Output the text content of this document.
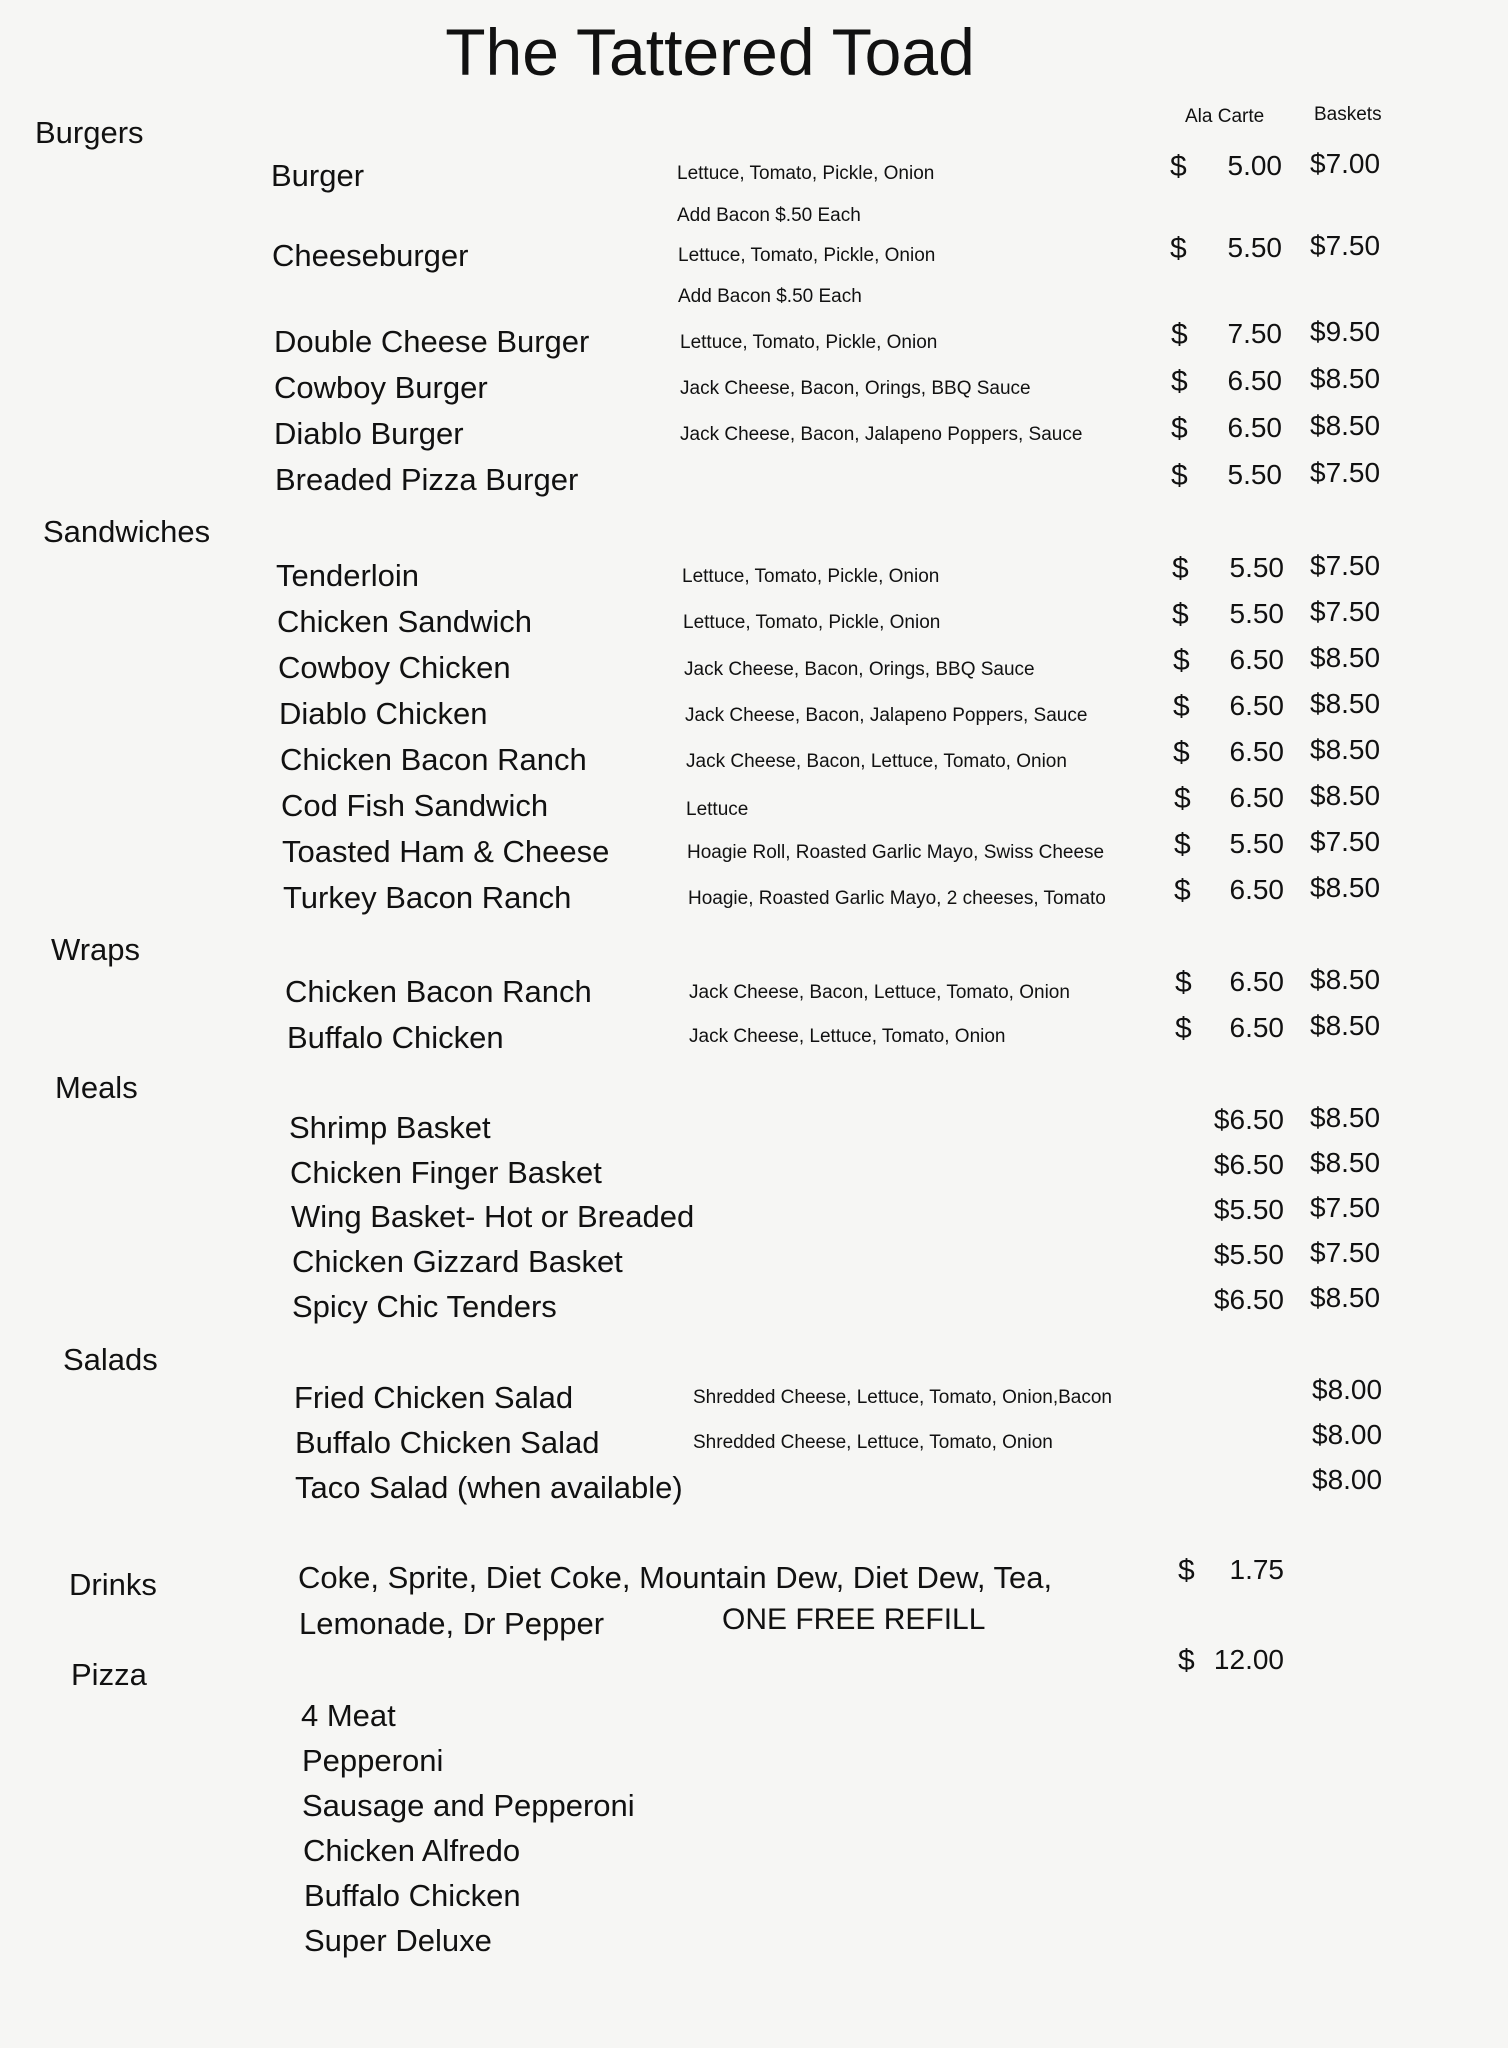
The Tattered Toad
Ala Carte	Baskets
Burgers
Burger	Lettuce, Tomato, Pickle, Onion
Add Bacon $.50 Each
$	5.00 $7.00
Cheeseburger	Lettuce, Tomato, Pickle, Onion
Add Bacon $.50 Each
$	5.50 $7.50
Double Cheese Burger	Lettuce, Tomato, Pickle, Onion	$	7.50 $9.50
Cowboy Burger	Jack Cheese, Bacon, Orings, BBQ Sauce	$	6.50 $8.50
Diablo Burger	Jack Cheese, Bacon, Jalapeno Poppers, Sauce	$	6.50 $8.50
Breaded Pizza Burger	$	5.50 $7.50
Sandwiches
Tenderloin	Lettuce, Tomato, Pickle, Onion	$	5.50 $7.50
Chicken Sandwich	Lettuce, Tomato, Pickle, Onion	$	5.50 $7.50
Cowboy Chicken	Jack Cheese, Bacon, Orings, BBQ Sauce	$	6.50 $8.50
Diablo Chicken	Jack Cheese, Bacon, Jalapeno Poppers, Sauce	$	6.50 $8.50
Chicken Bacon Ranch	Jack Cheese, Bacon, Lettuce, Tomato, Onion	$	6.50 $8.50
Cod Fish Sandwich	Lettuce	$	6.50 $8.50
Toasted Ham & Cheese	Hoagie Roll, Roasted Garlic Mayo, Swiss Cheese $	5.50 $7.50
Turkey Bacon Ranch	Hoagie, Roasted Garlic Mayo, 2 cheeses, Tomato $	6.50 $8.50
Wraps
Chicken Bacon Ranch	Jack Cheese, Bacon, Lettuce, Tomato, Onion	$	6.50 $8.50
Buffalo Chicken	Jack Cheese, Lettuce, Tomato, Onion	$	6.50 $8.50
Meals
Shrimp Basket	$6.50 $8.50
Chicken Finger Basket	$6.50 $8.50
Wing Basket- Hot or Breaded	$5.50 $7.50
Chicken Gizzard Basket	$5.50 $7.50
Spicy Chic Tenders	$6.50 $8.50
Salads
Fried Chicken Salad	Shredded Cheese, Lettuce, Tomato, Onion,Bacon	$8.00
Buffalo Chicken Salad	Shredded Cheese, Lettuce, Tomato, Onion	$8.00
Taco Salad (when available)	$8.00
Drinks	Coke, Sprite, Diet Coke, Mountain Dew, Diet Dew, Tea,
Lemonade, Dr Pepper	ONE FREE REFILL
$	1.75
Pizza	$ 12.00
4 Meat
Pepperoni
Sausage and Pepperoni
Chicken Alfredo
Buffalo Chicken
Super Deluxe
